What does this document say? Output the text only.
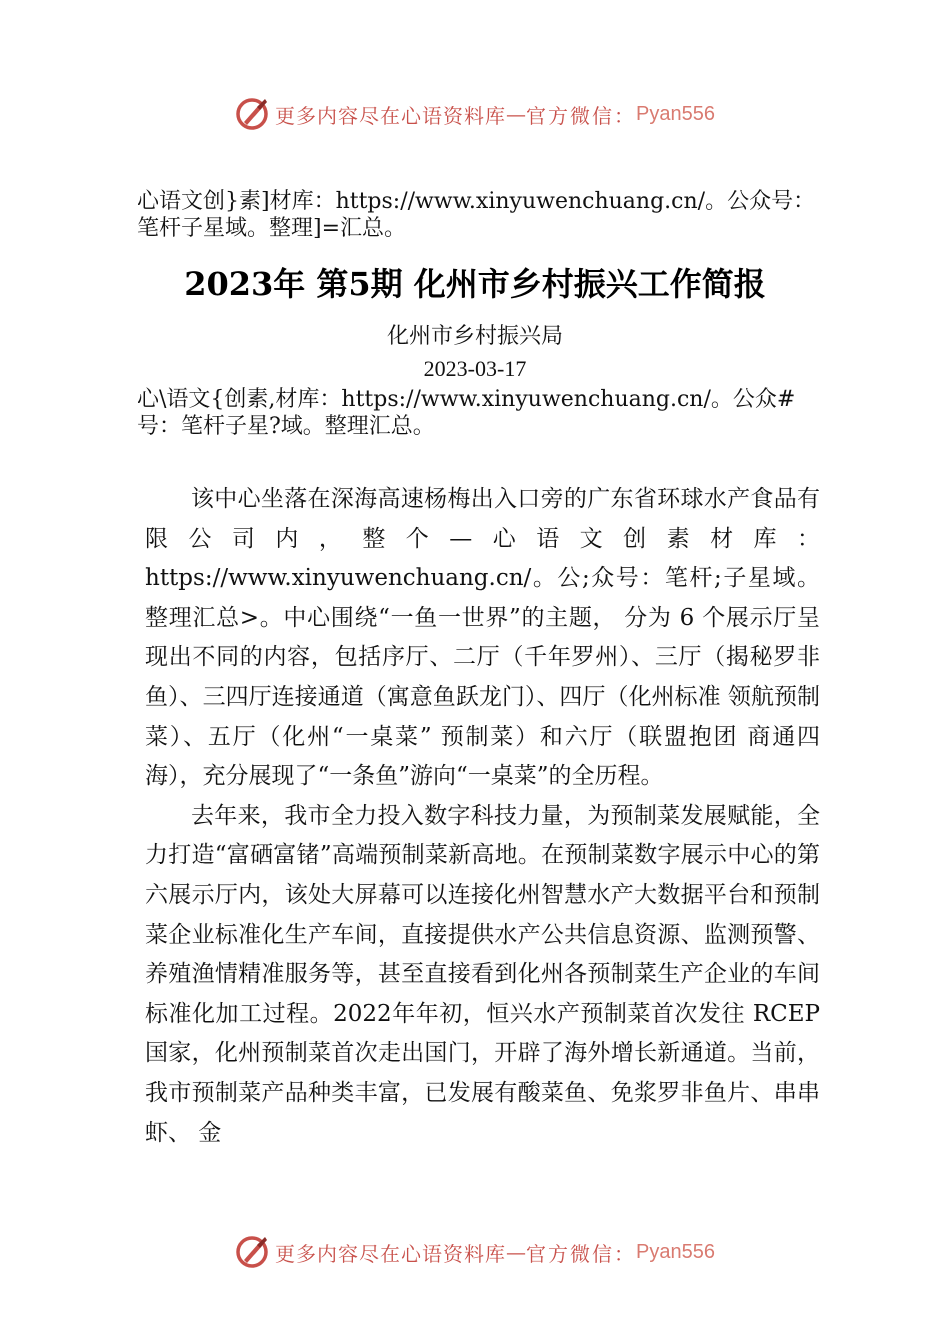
更多内容尽在心语资料库 — 官方微信： Pyan556
心语文创}素]材库：https://www.xinyuwenchuang.cn/。公众号：笔杆子星域。整理]=汇总。
2023年 第5期 化州市乡村振兴工作简报
化州市乡村振兴局
2023-03-17
心\语文{创素,材库：https://www.xinyuwenchuang.cn/。公众#号：笔杆子星?域。整理汇总。

该中心坐落在深海高速杨梅出入口旁的广东省环球水产食品有限公司内，整个—心语文创素材库：https://www.xinyuwenchuang.cn/。公;众号：笔杆;子星域。整理汇总>。中心围绕“一鱼一世界”的主题， 分为 6 个展示厅呈现出不同的内容，包括序厅、二厅（千年罗州）、三厅（揭秘罗非鱼）、三四厅连接通道（寓意鱼跃龙门）、四厅（化州标准 领航预制菜）、五厅（化州“一桌菜” 预制菜）和六厅（联盟抱团 商通四海），充分展现了“一条鱼”游向“一桌菜”的全历程。

去年来，我市全力投入数字科技力量，为预制菜发展赋能，全力打造“富硒富锗”高端预制菜新高地。在预制菜数字展示中心的第六展示厅内，该处大屏幕可以连接化州智慧水产大数据平台和预制菜企业标准化生产车间，直接提供水产公共信息资源、监测预警、养殖渔情精准服务等，甚至直接看到化州各预制菜生产企业的车间标准化加工过程。2022年年初，恒兴水产预制菜首次发往 RCEP 国家，化州预制菜首次走出国门，开辟了海外增长新通道。当前，我市预制菜产品种类丰富，已发展有酸菜鱼、免浆罗非鱼片、串串虾、 金

更多内容尽在心语资料库 — 官方微信： Pyan556
